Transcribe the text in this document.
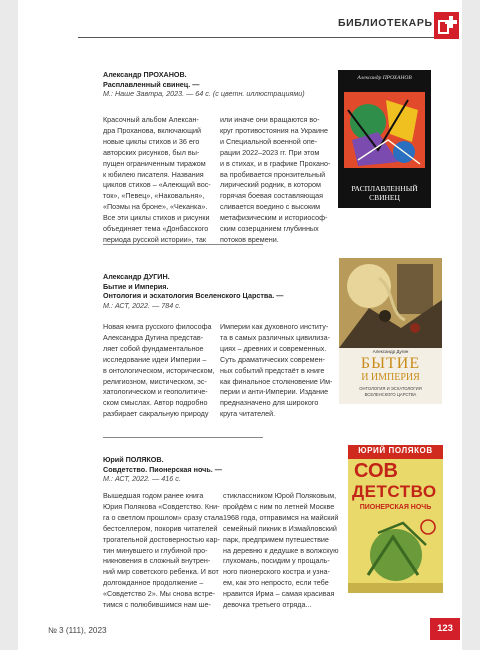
БИБЛИОТЕКАРЬ
Александр ПРОХАНОВ.
Расплавленный свинец. —
М.: Наше Завтра, 2023. — 64 с. (с цветн. иллюстрациями)
Красочный альбом Алексан-
дра Проханова, включающий
новые циклы стихов и 36 его
авторских рисунков, был вы-
пущен ограниченным тиражом
к юбилею писателя. Названия
циклов стихов – «Алеющий вос-
ток», «Певец», «Наковальня»,
«Поэмы на броне», «Чеканка».
Все эти циклы стихов и рисунки
объединяет тема «Донбасского
периода русской истории», так
или иначе они вращаются во-
круг противостояния на Украине
и Специальной военной опе-
рации 2022–2023 гг. При этом
и в стихах, и в графике Прохано-
ва пробивается пронзительный
лирический родник, в котором
горячая боевая составляющая
сливается воедино с высоким
метафизическим и историософ-
ским созерцанием глубинных
потоков времени.
Александр ПРОХАНОВ
РАСПЛАВЛЕННЫЙ
СВИНЕЦ
Александр ДУГИН.
Бытие и Империя.
Онтология и эсхатология Вселенского Царства. —
М.: АСТ, 2022. — 784 с.
Новая книга русского философа
Александра Дугина представ-
ляет собой фундаментальное
исследование идеи Империи –
в онтологическом, историческом,
религиозном, мистическом, эс-
хатологическом и геополитиче-
ском смыслах. Автор подробно
разбирает сакральную природу
Империи как духовного институ-
та в самых различных цивилиза-
циях – древних и современных.
Суть драматических современ-
ных событий предстаёт в книге
как финальное столкновение Им-
перии и анти-Империи. Издание
предназначено для широкого
круга читателей.
Александр Дугин
БЫТИЕ
И ИМПЕРИЯ
ОНТОЛОГИЯ И ЭСХАТОЛОГИЯ
ВСЕЛЕНСКОГО ЦАРСТВА
Юрий ПОЛЯКОВ.
Совдетство. Пионерская ночь. —
М.: АСТ, 2022. — 416 с.
Вышедшая годом ранее книга
Юрия Полякова «Совдетство. Кни-
га о светлом прошлом» сразу стала
бестселлером, покорив читателей
трогательной достоверностью кар-
тин минувшего и глубиной про-
никновения в сложный внутрен-
ний мир советского ребенка. И вот
долгожданное продолжение –
«Совдетство 2». Мы снова встре-
тимся с полюбившимся нам ше-
стиклассником Юрой Поляковым,
пройдём с ним по летней Москве
1968 года, отправимся на майский
семейный пикник в Измайловский
парк, предпримем путешествие
на деревню к дедушке в волжскую
глухомань, посидим у прощаль-
ного пионерского костра и узна-
ем, как это непросто, если тебе
нравится Ирма – самая красивая
девочка третьего отряда...
ЮРИЙ ПОЛЯКОВ
СОВ
ДЕТСТВО
ПИОНЕРСКАЯ НОЧЬ
№ 3 (111), 2023	123
